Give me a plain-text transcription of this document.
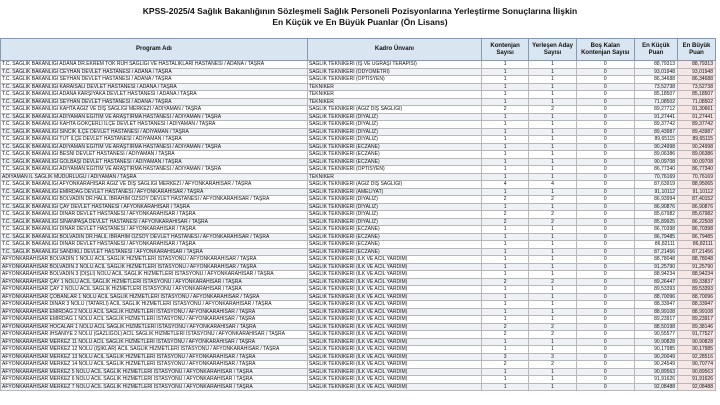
KPSS-2025/4 Sağlık Bakanlığının Sözleşmeli Sağlık Personeli Pozisyonlarına Yerleştirme Sonuçlarına İlişkin
En Küçük ve En Büyük Puanlar (Ön Lisans)
Program Adı	Kadro Ünvanı	Kontenjan Sayısı	Yerleşen Aday Sayısı	Boş Kalan Kontenjan Sayısı	En Küçük Puan	En Büyük Puan
T.C. SAĞLIK BAKANLIĞI ADANA DR.EKREM TOK RUH SAĞLIĞI VE HASTALIKLARI HASTANESİ / ADANA / TAŞRA	SAĞLIK TEKNİKERİ (İŞ VE UĞRAŞI TERAPİSİ)	1	1	0	88,79313	88,79313
T.C. SAĞLIK BAKANLIĞI CEYHAN DEVLET HASTANESİ / ADANA / TAŞRA	SAĞLIK TEKNİKERİ (ODYOMETRİ)	1	1	0	93,01948	93,01948
T.C. SAĞLIK BAKANLIĞI SEYHAN DEVLET HASTANESİ / ADANA / TAŞRA	SAĞLIK TEKNİKERİ (OPTİSYEN)	1	1	0	86,34688	86,34688
T.C. SAĞLIK BAKANLIĞI KARAİSALI DEVLET HASTANESİ / ADANA / TAŞRA	TEKNİKER	1	1	0	73,52738	73,52738
T.C. SAĞLIK BAKANLIĞI ADANA KARŞIYAKA DEVLET HASTANESİ / ADANA / TAŞRA	TEKNİKER	1	1	0	85,18507	85,18507
T.C. SAĞLIK BAKANLIĞI SEYHAN DEVLET HASTANESİ / ADANA / TAŞRA	TEKNİKER	1	1	0	71,08502	71,08502
T.C. SAĞLIK BAKANLIĞI KAHTA AĞIZ VE DİŞ SAĞLIĞI MERKEZİ / ADIYAMAN / TAŞRA	SAĞLIK TEKNİKERİ (AĞIZ DİŞ SAĞLIĞI)	2	2	0	89,27712	91,30661
T.C. SAĞLIK BAKANLIĞI ADIYAMAN EĞİTİM VE ARAŞTIRMA HASTANESİ / ADIYAMAN / TAŞRA	SAĞLIK TEKNİKERİ (DİYALİZ)	1	1	0	91,27441	91,27441
T.C. SAĞLIK BAKANLIĞI KAHTA GÖKÇERLİ İLÇE DEVLET HASTANESİ / ADIYAMAN / TAŞRA	SAĞLIK TEKNİKERİ (DİYALİZ)	1	1	0	89,37742	89,37742
T.C. SAĞLIK BAKANLIĞI SİNCİK İLÇE DEVLET HASTANESİ / ADIYAMAN / TAŞRA	SAĞLIK TEKNİKERİ (DİYALİZ)	1	1	0	89,43987	89,43987
T.C. SAĞLIK BAKANLIĞI TUT İLÇE DEVLET HASTANESİ / ADIYAMAN / TAŞRA	SAĞLIK TEKNİKERİ (DİYALİZ)	1	1	0	89,65115	89,65115
T.C. SAĞLIK BAKANLIĞI ADIYAMAN EĞİTİM VE ARAŞTIRMA HASTANESİ / ADIYAMAN / TAŞRA	SAĞLIK TEKNİKERİ (ECZANE)	1	1	0	90,24998	90,24998
T.C. SAĞLIK BAKANLIĞI BESNİ DEVLET HASTANESİ / ADIYAMAN / TAŞRA	SAĞLIK TEKNİKERİ (ECZANE)	1	1	0	89,06386	89,06386
T.C. SAĞLIK BAKANLIĞI GÖLBAŞI DEVLET HASTANESİ / ADIYAMAN / TAŞRA	SAĞLIK TEKNİKERİ (ECZANE)	1	1	0	90,09708	90,09708
T.C. SAĞLIK BAKANLIĞI ADIYAMAN EĞİTİM VE ARAŞTIRMA HASTANESİ / ADIYAMAN / TAŞRA	SAĞLIK TEKNİKERİ (OPTİSYEN)	1	1	0	86,77340	86,77340
ADIYAMAN İL SAĞLIK MÜDÜRLÜĞÜ / ADIYAMAN / TAŞRA	TEKNİKER	1	1	0	70,76169	70,76169
T.C. SAĞLIK BAKANLIĞI AFYONKARAHİSAR AĞIZ VE DİŞ SAĞLIĞI MERKEZİ / AFYONKARAHİSAR / TAŞRA	SAĞLIK TEKNİKERİ (AĞIZ DİŞ SAĞLIĞI)	4	4	0	87,63919	88,95065
T.C. SAĞLIK BAKANLIĞI EMİRDAĞ DEVLET HASTANESİ / AFYONKARAHİSAR / TAŞRA	SAĞLIK TEKNİKERİ (AMELİYAT)	1	1	0	91,10112	91,10112
T.C. SAĞLIK BAKANLIĞI BOLVADİN DR.HALİL İBRAHİM ÖZSOY DEVLET HASTANESİ / AFYONKARAHİSAR / TAŞRA	SAĞLIK TEKNİKERİ (DİYALİZ)	2	2	0	86,93994	87,40152
T.C. SAĞLIK BAKANLIĞI ÇAY DEVLET HASTANESİ / AFYONKARAHİSAR / TAŞRA	SAĞLIK TEKNİKERİ (DİYALİZ)	1	1	0	86,90876	86,90876
T.C. SAĞLIK BAKANLIĞI DİNAR DEVLET HASTANESİ / AFYONKARAHİSAR / TAŞRA	SAĞLIK TEKNİKERİ (DİYALİZ)	2	2	0	85,67982	85,67982
T.C. SAĞLIK BAKANLIĞI SİNANPAŞA DEVLET HASTANESİ / AFYONKARAHİSAR / TAŞRA	SAĞLIK TEKNİKERİ (DİYALİZ)	2	2	0	85,89925	86,22508
T.C. SAĞLIK BAKANLIĞI DİNAR DEVLET HASTANESİ / AFYONKARAHİSAR / TAŞRA	SAĞLIK TEKNİKERİ (ECZANE)	1	1	0	86,70398	86,70398
T.C. SAĞLIK BAKANLIĞI BOLVADİN DR.HALİL İBRAHİM ÖZSOY DEVLET HASTANESİ / AFYONKARAHİSAR / TAŞRA	SAĞLIK TEKNİKERİ (ECZANE)	1	1	0	86,79485	86,79485
T.C. SAĞLIK BAKANLIĞI DİNAR DEVLET HASTANESİ / AFYONKARAHİSAR / TAŞRA	SAĞLIK TEKNİKERİ (ECZANE)	1	1	0	86,82111	86,82111
T.C. SAĞLIK BAKANLIĞI SANDIKLI DEVLET HASTANESİ / AFYONKARAHİSAR / TAŞRA	SAĞLIK TEKNİKERİ (ECZANE)	1	1	0	87,21456	87,21456
AFYONKARAHİSAR BOLVADİN 1 NOLU ACİL SAĞLIK HİZMETLERİ İSTASYONU / AFYONKARAHİSAR / TAŞRA	SAĞLIK TEKNİKERİ (İLK VE ACİL YARDIM)	1	1	0	88,78048	88,78048
AFYONKARAHİSAR BOLVADİN 2 NOLU ACİL SAĞLIK HİZMETLERİ İSTASYONU / AFYONKARAHİSAR / TAŞRA	SAĞLIK TEKNİKERİ (İLK VE ACİL YARDIM)	1	1	0	91,25790	91,25790
AFYONKARAHİSAR BOLVADİN 3 (DİŞLİ) NOLU ACİL SAĞLIK HİZMETLERİ İSTASYONU / AFYONKARAHİSAR / TAŞRA	SAĞLIK TEKNİKERİ (İLK VE ACİL YARDIM)	1	1	0	88,94234	88,94234
AFYONKARAHİSAR ÇAY 1 NOLU ACİL SAĞLIK HİZMETLERİ İSTASYONU / AFYONKARAHİSAR / TAŞRA	SAĞLIK TEKNİKERİ (İLK VE ACİL YARDIM)	2	2	0	89,26447	89,33837
AFYONKARAHİSAR ÇAY 2 NOLU ACİL SAĞLIK HİZMETLERİ İSTASYONU / AFYONKARAHİSAR / TAŞRA	SAĞLIK TEKNİKERİ (İLK VE ACİL YARDIM)	1	1	0	89,53393	89,53393
AFYONKARAHİSAR ÇOBANLAR 1 NOLU ACİL SAĞLIK HİZMETLERİ İSTASYONU / AFYONKARAHİSAR / TAŞRA	SAĞLIK TEKNİKERİ (İLK VE ACİL YARDIM)	1	1	0	88,70096	88,70096
AFYONKARAHİSAR DİNAR 3 NOLU (TATARLI) ACİL SAĞLIK HİZMETLERİ İSTASYONU / AFYONKARAHİSAR / TAŞRA	SAĞLIK TEKNİKERİ (İLK VE ACİL YARDIM)	1	1	0	88,33947	88,33947
AFYONKARAHİSAR EMİRDAĞ 2 NOLU ACİL SAĞLIK HİZMETLERİ İSTASYONU / AFYONKARAHİSAR / TAŞRA	SAĞLIK TEKNİKERİ (İLK VE ACİL YARDIM)	1	1	0	88,99108	88,99108
AFYONKARAHİSAR EMİRDAĞ 1 NOLU ACİL SAĞLIK HİZMETLERİ İSTASYONU / AFYONKARAHİSAR / TAŞRA	SAĞLIK TEKNİKERİ (İLK VE ACİL YARDIM)	1	1	0	89,23917	89,23917
AFYONKARAHİSAR HOCALAR 1 NOLU ACİL SAĞLIK HİZMETLERİ İSTASYONU / AFYONKARAHİSAR / TAŞRA	SAĞLIK TEKNİKERİ (İLK VE ACİL YARDIM)	2	2	0	88,50198	89,38146
AFYONKARAHİSAR İHSANİYE 2 NOLU (GAZLIGÖL) ACİL SAĞLIK HİZMETLERİ İSTASYONU / AFYONKARAHİSAR / TAŞRA	SAĞLIK TEKNİKERİ (İLK VE ACİL YARDIM)	2	2	0	90,55577	91,77527
AFYONKARAHİSAR MERKEZ 11 NOLU ACİL SAĞLIK HİZMETLERİ İSTASYONU / AFYONKARAHİSAR / TAŞRA	SAĞLIK TEKNİKERİ (İLK VE ACİL YARDIM)	1	1	0	90,90828	90,90828
AFYONKARAHİSAR MERKEZ 12 NOLU (IŞIKLAR) ACİL SAĞLIK HİZMETLERİ İSTASYONU / AFYONKARAHİSAR / TAŞRA	SAĞLIK TEKNİKERİ (İLK VE ACİL YARDIM)	1	1	0	90,17985	90,17985
AFYONKARAHİSAR MERKEZ 13 NOLU ACİL SAĞLIK HİZMETLERİ İSTASYONU / AFYONKARAHİSAR / TAŞRA	SAĞLIK TEKNİKERİ (İLK VE ACİL YARDIM)	3	3	0	90,20049	92,28516
AFYONKARAHİSAR MERKEZ 14 NOLU ACİL SAĞLIK HİZMETLERİ İSTASYONU / AFYONKARAHİSAR / TAŞRA	SAĞLIK TEKNİKERİ (İLK VE ACİL YARDIM)	2	2	0	90,24549	90,70774
AFYONKARAHİSAR MERKEZ 5 NOLU ACİL SAĞLIK HİZMETLERİ İSTASYONU / AFYONKARAHİSAR / TAŞRA	SAĞLIK TEKNİKERİ (İLK VE ACİL YARDIM)	1	1	0	90,89563	90,89563
AFYONKARAHİSAR MERKEZ 6 NOLU ACİL SAĞLIK HİZMETLERİ İSTASYONU / AFYONKARAHİSAR / TAŞRA	SAĞLIK TEKNİKERİ (İLK VE ACİL YARDIM)	1	1	0	91,91626	91,91626
AFYONKARAHİSAR MERKEZ 7 NOLU ACİL SAĞLIK HİZMETLERİ İSTASYONU / AFYONKARAHİSAR / TAŞRA	SAĞLIK TEKNİKERİ (İLK VE ACİL YARDIM)	1	1	0	92,08488	92,08488
